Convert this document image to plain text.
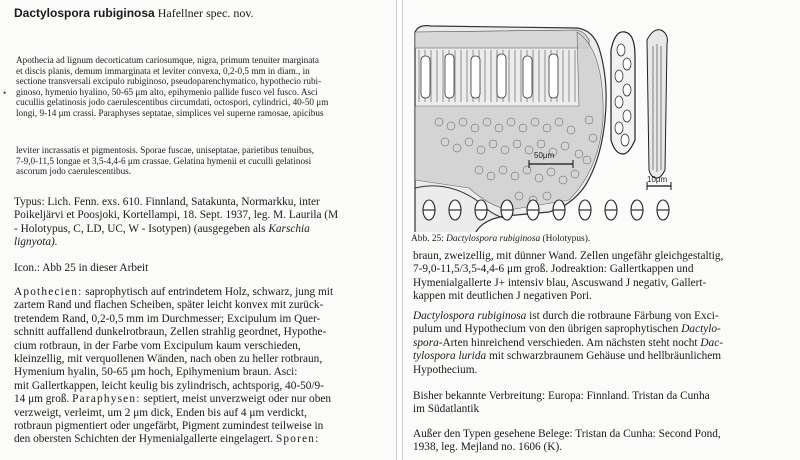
Dactylospora rubiginosa Hafellner spec. nov.
•
Apothecia ad lignum decorticatum cariosumque, nigra, primum tenuiter marginata
et discis planis, demum immarginata et leviter convexa, 0,2-0,5 mm in diam., in
sectione transversali excipulo rubiginoso, pseudoparenchymatico, hypothecio rubi-
ginoso, hymenio hyalino, 50-65 μm alto, epihymenio pallide fusco vel fusco. Asci
cucullis gelatinosis jodo caerulescentibus circumdati, octospori, cylindrici, 40-50 μm
longi, 9-14 μm crassi. Paraphyses septatae, simplices vel superne ramosae, apicibus
leviter incrassatis et pigmentosis. Sporae fuscae, uniseptatae, parietibus tenuibus,
7-9,0-11,5 longae et 3,5-4,4-6 μm crassae. Gelatina hymenii et cuculli gelatinosi
ascorum jodo caerulescentibus.
Typus: Lich. Fenn. exs. 610. Finnland, Satakunta, Normarkku, inter
Poikeljärvi et Poosjoki, Kortellampi, 18. Sept. 1937, leg. M. Laurila (M
- Holotypus, C, LD, UC, W - Isotypen) (ausgegeben als Karschia
lignyota).
Icon.: Abb 25 in dieser Arbeit
Apothecien: saprophytisch auf entrindetem Holz, schwarz, jung mit
zartem Rand und flachen Scheiben, später leicht konvex mit zurück-
tretendem Rand, 0,2-0,5 mm im Durchmesser; Excipulum im Quer-
schnitt auffallend dunkelrotbraun, Zellen strahlig geordnet, Hypothe-
cium rotbraun, in der Farbe vom Excipulum kaum verschieden,
kleinzellig, mit verquollenen Wänden, nach oben zu heller rotbraun,
Hymenium hyalin, 50-65 μm hoch, Epihymenium braun. Asci:
mit Gallertkappen, leicht keulig bis zylindrisch, achtsporig, 40-50/9-
14 μm groß. Paraphysen: septiert, meist unverzweigt oder nur oben
verzweigt, verleimt, um 2 μm dick, Enden bis auf 4 μm verdickt,
rotbraun pigmentiert oder ungefärbt, Pigment zumindest teilweise in
den obersten Schichten der Hymenialgallerte eingelagert. Sporen:
50μm
10μm
Abb. 25: Dactylospora rubiginosa (Holotypus).
braun, zweizellig, mit dünner Wand. Zellen ungefähr gleichgestaltig,
7-9,0-11,5/3,5-4,4-6 μm groß. Jodreaktion: Gallertkappen und
Hymenialgallerte J+ intensiv blau, Ascuswand J negativ, Gallert-
kappen mit deutlichen J negativen Pori.
Dactylospora rubiginosa ist durch die rotbraune Färbung von Exci-
pulum und Hypothecium von den übrigen saprophytischen Dactylo-
spora-Arten hinreichend verschieden. Am nächsten steht nocht Dac-
tylospora lurida mit schwarzbraunem Gehäuse und hellbräunlichem
Hypothecium.
Bisher bekannte Verbreitung: Europa: Finnland. Tristan da Cunha
im Südatlantik
Außer den Typen gesehene Belege: Tristan da Cunha: Second Pond,
1938, leg. Mejland no. 1606 (K).
